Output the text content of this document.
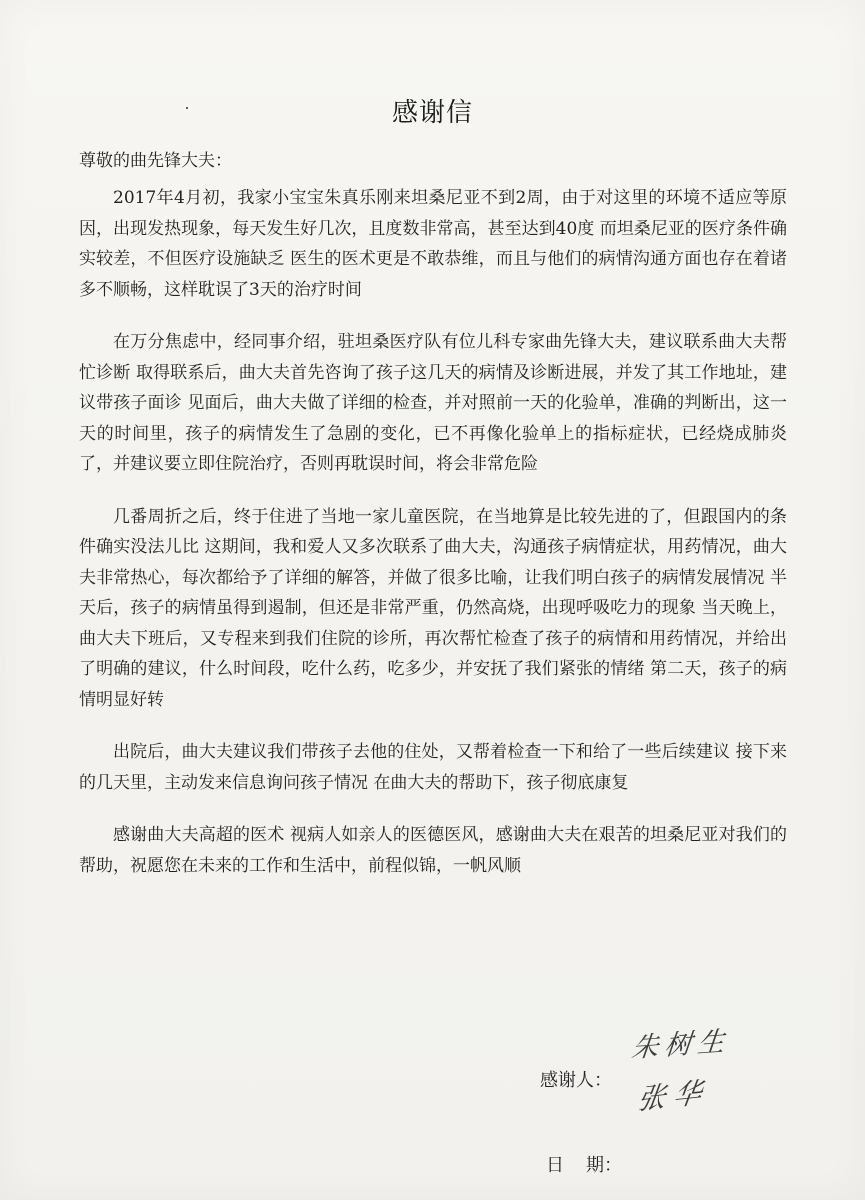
感谢信
尊敬的曲先锋大夫：

2017年4月初，我家小宝宝朱真乐刚来坦桑尼亚不到2周，由于对这里的环境不适应等原因，出现发热现象，每天发生好几次，且度数非常高，甚至达到40度 而坦桑尼亚的医疗条件确实较差，不但医疗设施缺乏 医生的医术更是不敢恭维，而且与他们的病情沟通方面也存在着诸多不顺畅，这样耽误了3天的治疗时间

在万分焦虑中，经同事介绍，驻坦桑医疗队有位儿科专家曲先锋大夫，建议联系曲大夫帮忙诊断 取得联系后，曲大夫首先咨询了孩子这几天的病情及诊断进展，并发了其工作地址，建议带孩子面诊 见面后，曲大夫做了详细的检查，并对照前一天的化验单，准确的判断出，这一天的时间里，孩子的病情发生了急剧的变化，已不再像化验单上的指标症状，已经烧成肺炎了，并建议要立即住院治疗，否则再耽误时间，将会非常危险

几番周折之后，终于住进了当地一家儿童医院，在当地算是比较先进的了，但跟国内的条件确实没法儿比 这期间，我和爱人又多次联系了曲大夫，沟通孩子病情症状，用药情况，曲大夫非常热心，每次都给予了详细的解答，并做了很多比喻，让我们明白孩子的病情发展情况 半天后，孩子的病情虽得到遏制，但还是非常严重，仍然高烧，出现呼吸吃力的现象 当天晚上，曲大夫下班后，又专程来到我们住院的诊所，再次帮忙检查了孩子的病情和用药情况，并给出了明确的建议，什么时间段，吃什么药，吃多少，并安抚了我们紧张的情绪 第二天，孩子的病情明显好转

出院后，曲大夫建议我们带孩子去他的住处，又帮着检查一下和给了一些后续建议 接下来的几天里，主动发来信息询问孩子情况 在曲大夫的帮助下，孩子彻底康复

感谢曲大夫高超的医术 视病人如亲人的医德医风，感谢曲大夫在艰苦的坦桑尼亚对我们的帮助，祝愿您在未来的工作和生活中，前程似锦，一帆风顺

感谢人：
朱树生
张华
日 期：
